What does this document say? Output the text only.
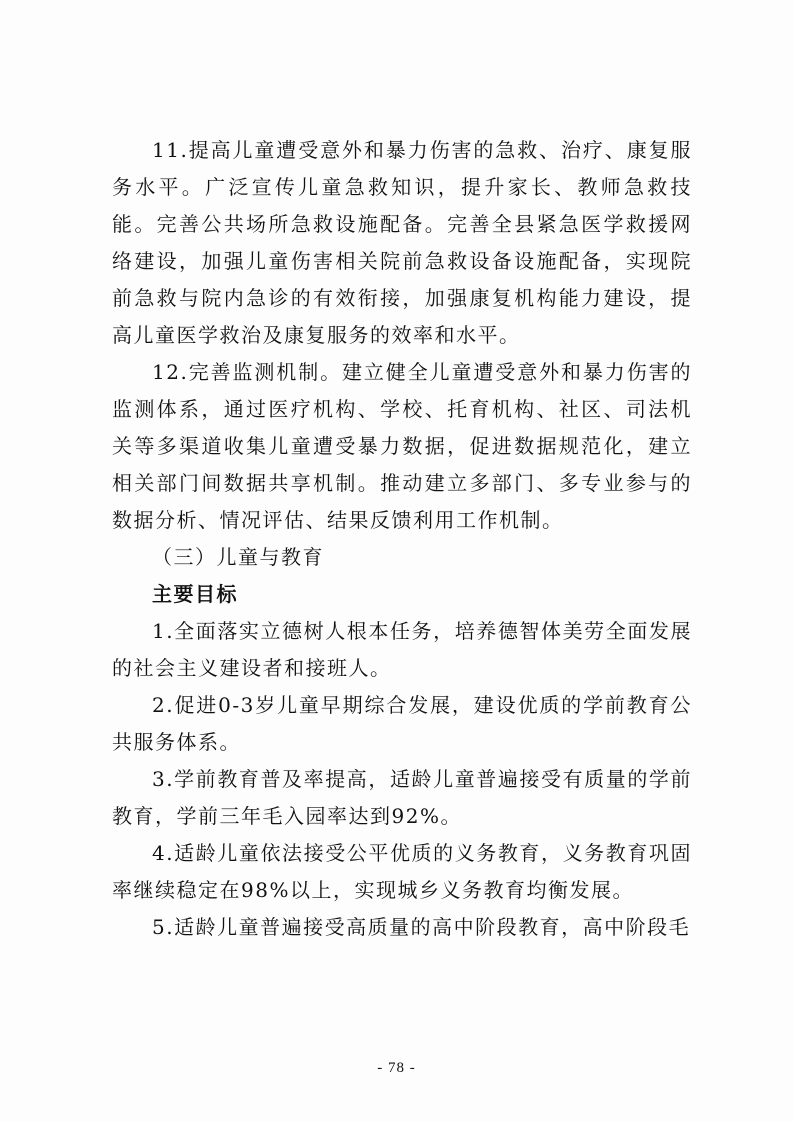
11.提高儿童遭受意外和暴力伤害的急救、治疗、康复服务水平。广泛宣传儿童急救知识，提升家长、教师急救技能。完善公共场所急救设施配备。完善全县紧急医学救援网络建设，加强儿童伤害相关院前急救设备设施配备，实现院前急救与院内急诊的有效衔接，加强康复机构能力建设，提高儿童医学救治及康复服务的效率和水平。

12.完善监测机制。建立健全儿童遭受意外和暴力伤害的监测体系，通过医疗机构、学校、托育机构、社区、司法机关等多渠道收集儿童遭受暴力数据，促进数据规范化，建立相关部门间数据共享机制。推动建立多部门、多专业参与的数据分析、情况评估、结果反馈利用工作机制。

（三）儿童与教育

主要目标

1.全面落实立德树人根本任务，培养德智体美劳全面发展的社会主义建设者和接班人。

2.促进0-3岁儿童早期综合发展，建设优质的学前教育公共服务体系。

3.学前教育普及率提高，适龄儿童普遍接受有质量的学前教育，学前三年毛入园率达到92%。

4.适龄儿童依法接受公平优质的义务教育，义务教育巩固率继续稳定在98%以上，实现城乡义务教育均衡发展。

5.适龄儿童普遍接受高质量的高中阶段教育，高中阶段毛

- 78 -
